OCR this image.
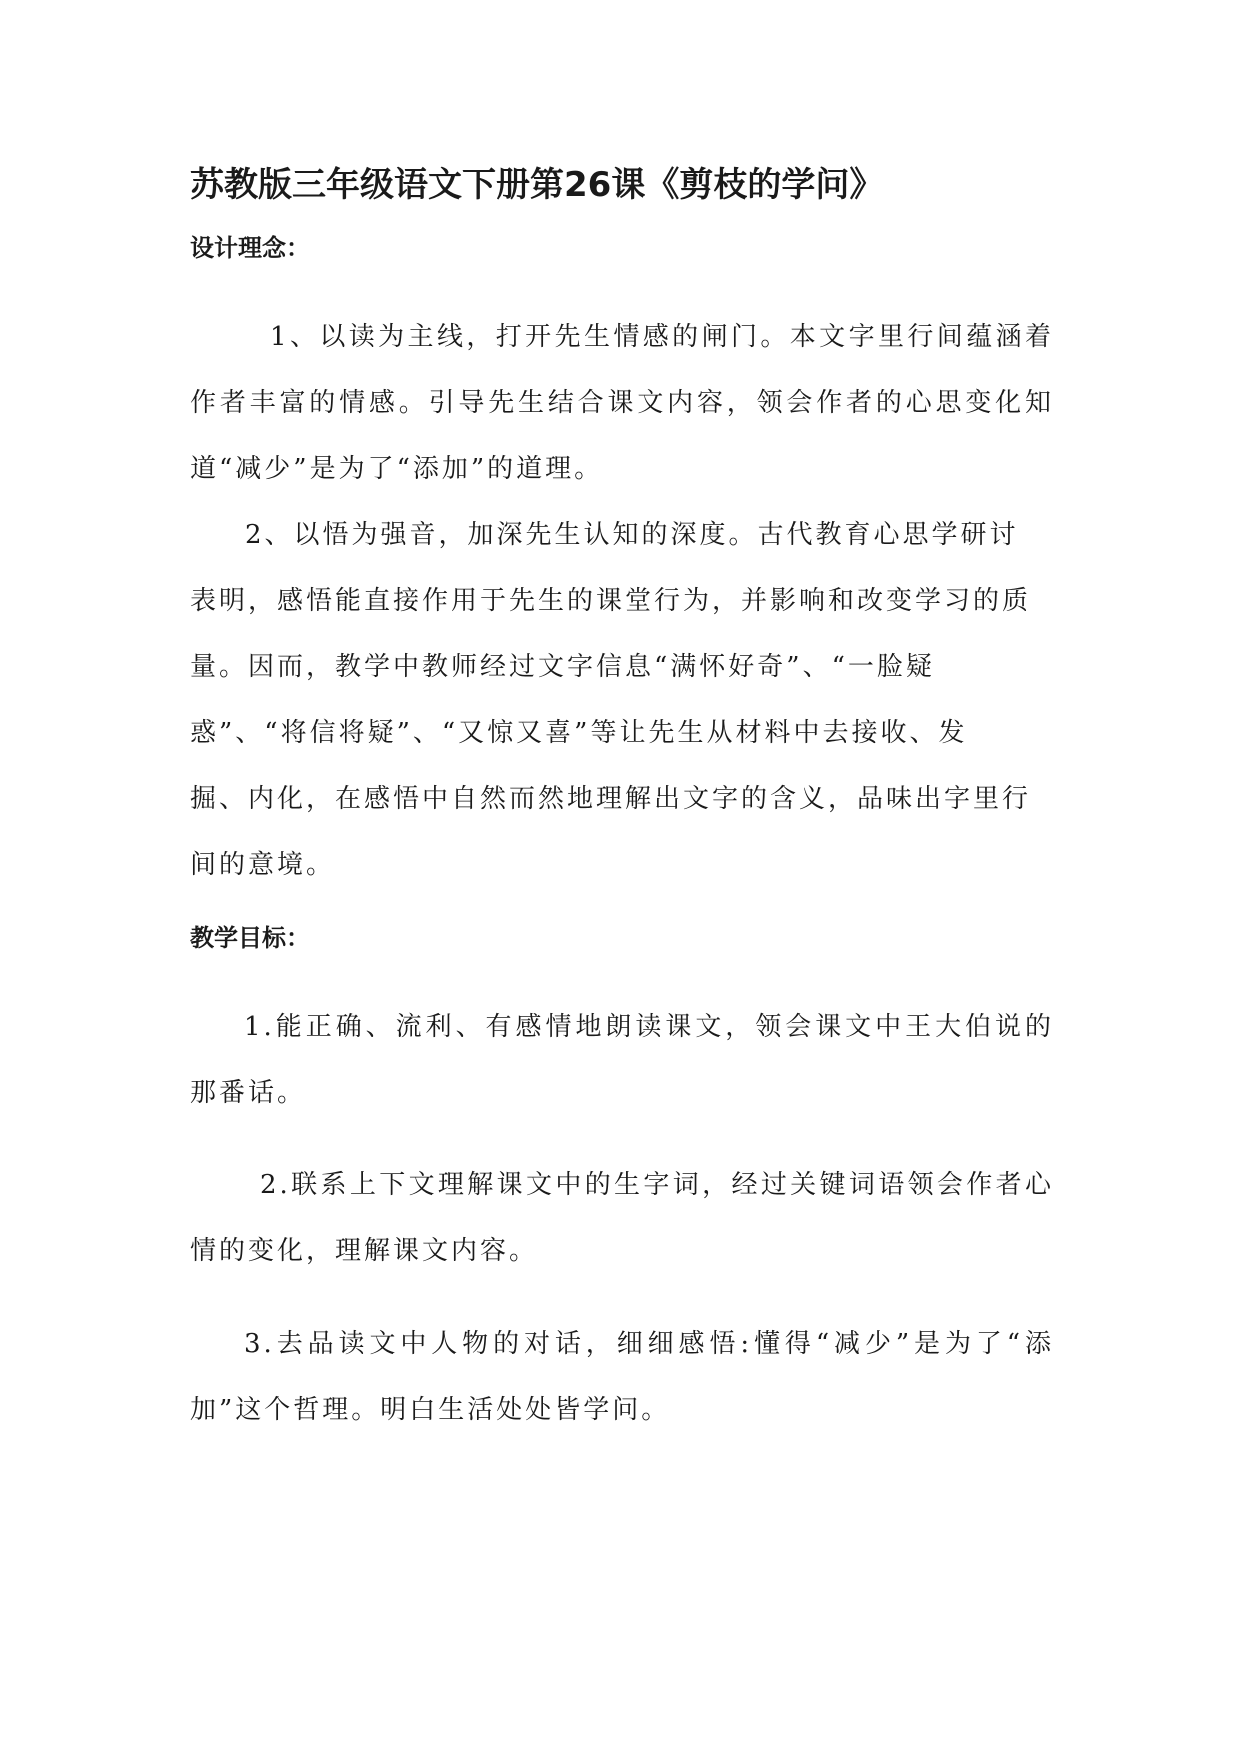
苏教版三年级语文下册第26课《剪枝的学问》
设计理念：

1、以读为主线，打开先生情感的闸门。本文字里行间蕴涵着作者丰富的情感。引导先生结合课文内容，领会作者的心思变化知道“减少”是为了“添加”的道理。

2、以悟为强音，加深先生认知的深度。古代教育心思学研讨

表明，感悟能直接作用于先生的课堂行为，并影响和改变学习的质

量。因而，教学中教师经过文字信息“满怀好奇”、“一脸疑

惑”、“将信将疑”、“又惊又喜”等让先生从材料中去接收、发

掘、内化，在感悟中自然而然地理解出文字的含义，品味出字里行

间的意境。

教学目标：

1.能正确、流利、有感情地朗读课文，领会课文中王大伯说的那番话。

2.联系上下文理解课文中的生字词，经过关键词语领会作者心情的变化，理解课文内容。

3.去品读文中人物的对话，细细感悟:懂得“减少”是为了“添加”这个哲理。明白生活处处皆学问。
